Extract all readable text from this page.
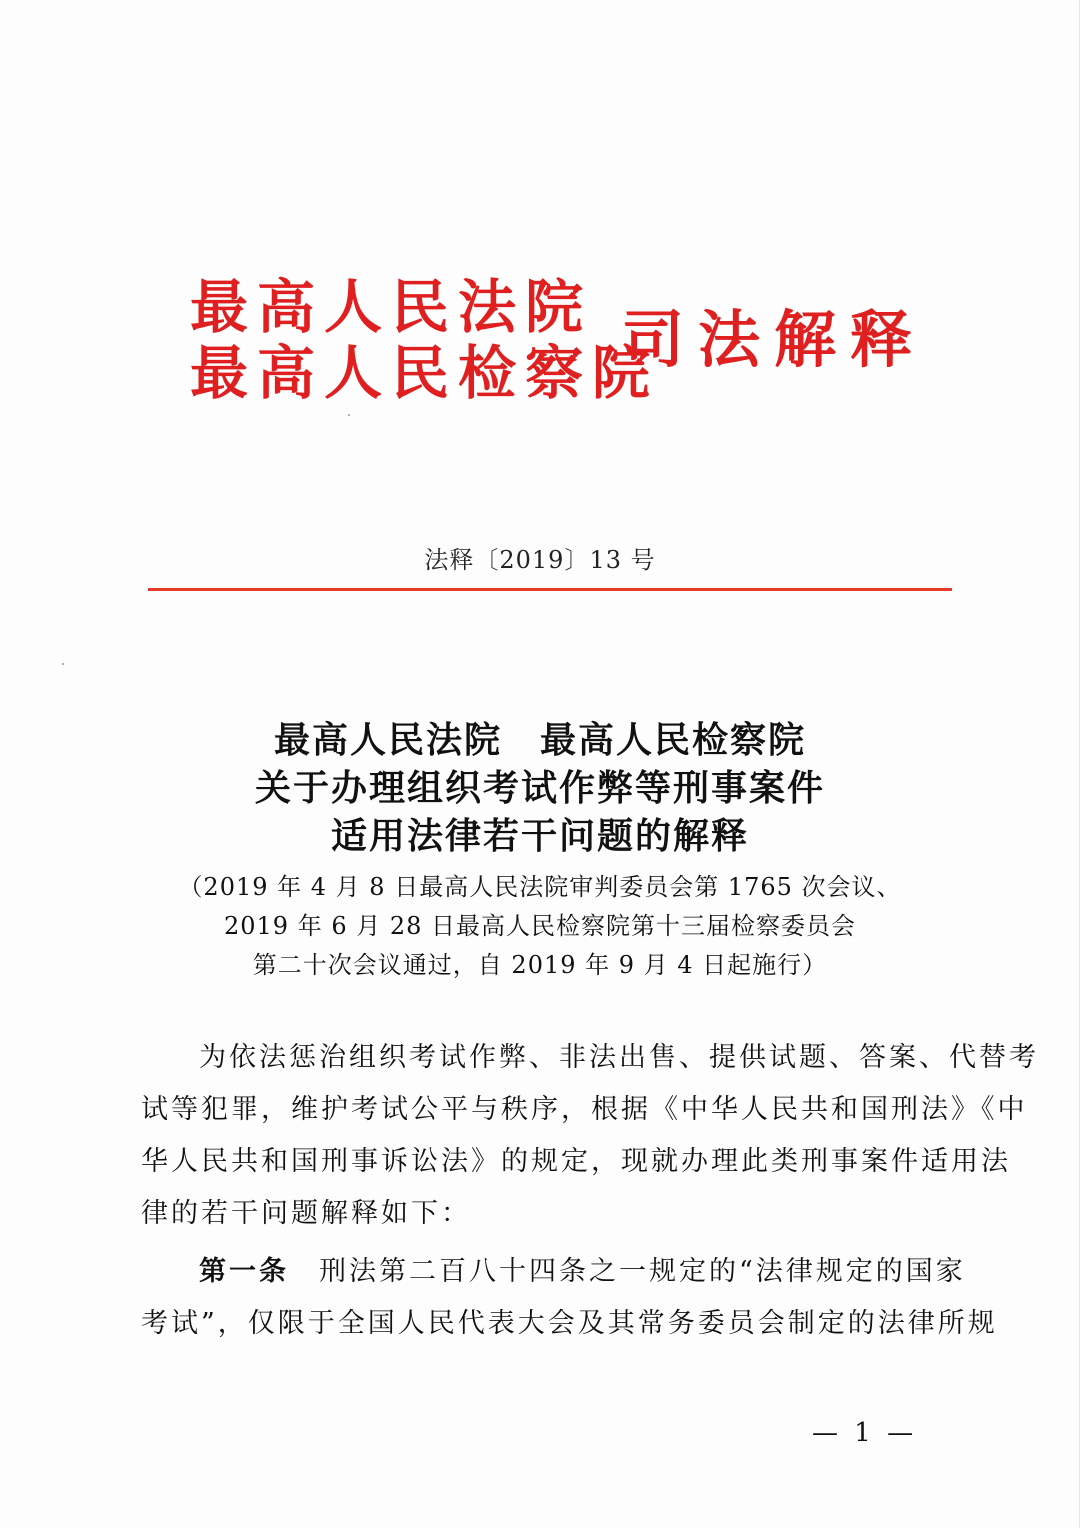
最高人民法院
最高人民检察院
司法解释
法释〔2019〕13 号
最高人民法院　最高人民检察院
关于办理组织考试作弊等刑事案件
适用法律若干问题的解释
（2019 年 4 月 8 日最高人民法院审判委员会第 1765 次会议、
2019 年 6 月 28 日最高人民检察院第十三届检察委员会
第二十次会议通过，自 2019 年 9 月 4 日起施行）
为依法惩治组织考试作弊、非法出售、提供试题、答案、代替考
试等犯罪，维护考试公平与秩序，根据《中华人民共和国刑法》《中
华人民共和国刑事诉讼法》的规定，现就办理此类刑事案件适用法
律的若干问题解释如下：
第一条　刑法第二百八十四条之一规定的“法律规定的国家
考试”，仅限于全国人民代表大会及其常务委员会制定的法律所规
— 1 —
